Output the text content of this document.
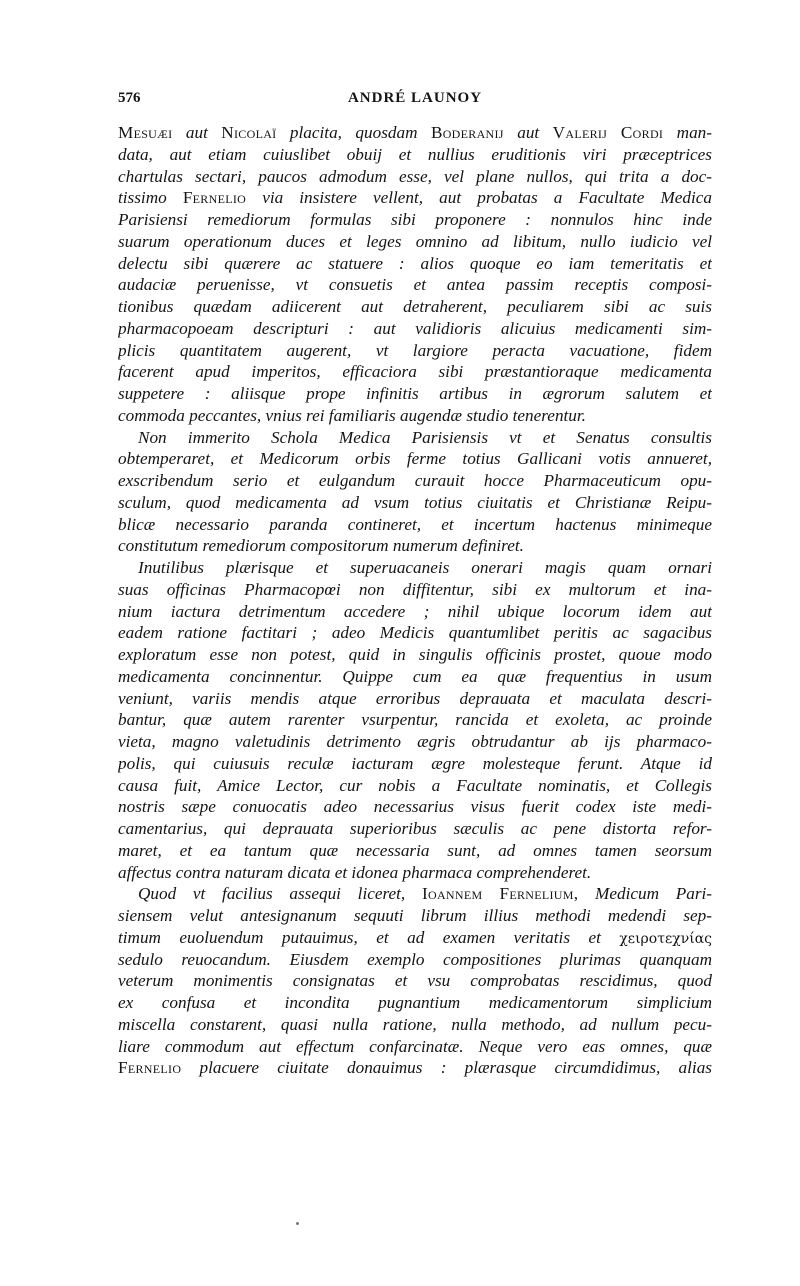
576	ANDRÉ LAUNOY
Mesuæi aut Nicolaï placita, quosdam Boderanij aut Valerij Cordi man-
data, aut etiam cuiuslibet obuij et nullius eruditionis viri præceptrices
chartulas sectari, paucos admodum esse, vel plane nullos, qui trita a doc-
tissimo Fernelio via insistere vellent, aut probatas a Facultate Medica
Parisiensi remediorum formulas sibi proponere : nonnulos hinc inde
suarum operationum duces et leges omnino ad libitum, nullo iudicio vel
delectu sibi quærere ac statuere : alios quoque eo iam temeritatis et
audaciæ peruenisse, vt consuetis et antea passim receptis composi-
tionibus quædam adiicerent aut detraherent, peculiarem sibi ac suis
pharmacopoeam descripturi : aut validioris alicuius medicamenti sim-
plicis quantitatem augerent, vt largiore peracta vacuatione, fidem
facerent apud imperitos, efficaciora sibi præstantioraque medicamenta
suppetere : aliisque prope infinitis artibus in ægrorum salutem et
commoda peccantes, vnius rei familiaris augendæ studio tenerentur.
Non immerito Schola Medica Parisiensis vt et Senatus consultis
obtemperaret, et Medicorum orbis ferme totius Gallicani votis annueret,
exscribendum serio et eulgandum curauit hocce Pharmaceuticum opu-
sculum, quod medicamenta ad vsum totius ciuitatis et Christianæ Reipu-
blicæ necessario paranda contineret, et incertum hactenus minimeque
constitutum remediorum compositorum numerum definiret.
Inutilibus plærisque et superuacaneis onerari magis quam ornari
suas officinas Pharmacopœi non diffitentur, sibi ex multorum et ina-
nium iactura detrimentum accedere ; nihil ubique locorum idem aut
eadem ratione factitari ; adeo Medicis quantumlibet peritis ac sagacibus
exploratum esse non potest, quid in singulis officinis prostet, quoue modo
medicamenta concinnentur. Quippe cum ea quæ frequentius in usum
veniunt, variis mendis atque erroribus deprauata et maculata descri-
bantur, quæ autem rarenter vsurpentur, rancida et exoleta, ac proinde
vieta, magno valetudinis detrimento ægris obtrudantur ab ijs pharmaco-
polis, qui cuiusuis reculæ iacturam ægre molesteque ferunt. Atque id
causa fuit, Amice Lector, cur nobis a Facultate nominatis, et Collegis
nostris sæpe conuocatis adeo necessarius visus fuerit codex iste medi-
camentarius, qui deprauata superioribus sæculis ac pene distorta refor-
maret, et ea tantum quæ necessaria sunt, ad omnes tamen seorsum
affectus contra naturam dicata et idonea pharmaca comprehenderet.
Quod vt facilius assequi liceret, Ioannem Fernelium, Medicum Pari-
siensem velut antesignanum sequuti librum illius methodi medendi sep-
timum euoluendum putauimus, et ad examen veritatis et χειροτεχνίας
sedulo reuocandum. Eiusdem exemplo compositiones plurimas quanquam
veterum monimentis consignatas et vsu comprobatas rescidimus, quod
ex confusa et incondita pugnantium medicamentorum simplicium
miscella constarent, quasi nulla ratione, nulla methodo, ad nullum pecu-
liare commodum aut effectum confarcinatæ. Neque vero eas omnes, quæ
Fernelio placuere ciuitate donauimus : plærasque circumdidimus, alias
